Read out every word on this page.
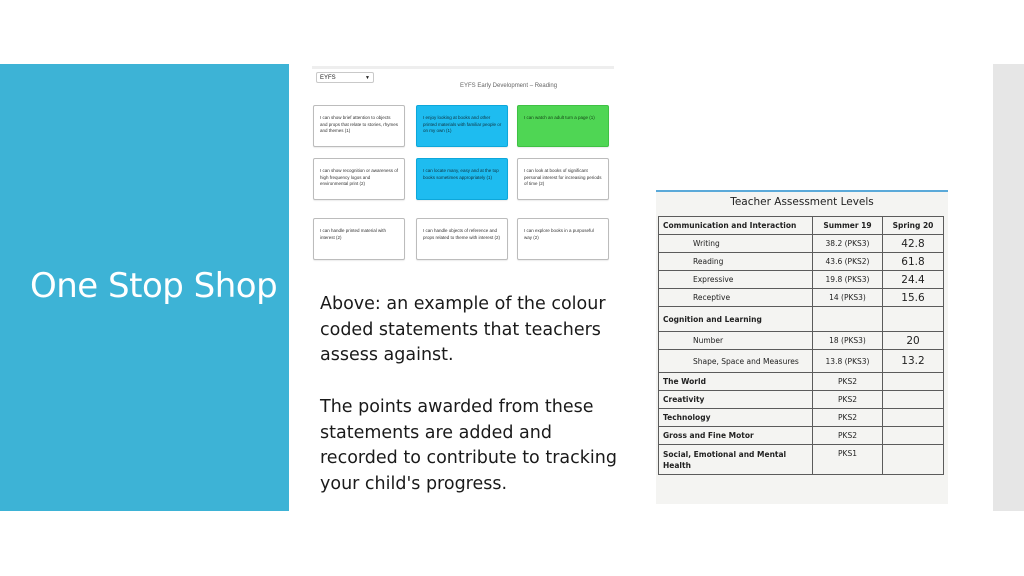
One Stop Shop
EYFS	▼
EYFS Early Development – Reading
I can show brief attention to objects and props that relate to stories, rhymes and themes (1)
I enjoy looking at books and other printed materials with familiar people or on my own (1)
I can watch an adult turn a page (1)
I can show recognition or awareness of high frequency logos and environmental print (2)
I can locate many, easy and at the top books sometimes appropriately (1)
I can look at books of significant personal interest for increasing periods of time (2)
I can handle printed material with interest (2)
I can handle objects of reference and props related to theme with interest (2)
I can explore books in a purposeful way (2)

Above: an example of the colour coded statements that teachers assess against.

The points awarded from these statements are added and recorded to contribute to tracking your child's progress.

Teacher Assessment Levels
Communication and Interaction	Summer 19	Spring 20
Writing	38.2 (PKS3)	42.8
Reading	43.6 (PKS2)	61.8
Expressive	19.8 (PKS3)	24.4
Receptive	14 (PKS3)	15.6
Cognition and Learning		
Number	18 (PKS3)	20
Shape, Space and Measures	13.8 (PKS3)	13.2
The World	PKS2	
Creativity	PKS2	
Technology	PKS2	
Gross and Fine Motor	PKS2	
Social, Emotional and Mental Health	PKS1	
